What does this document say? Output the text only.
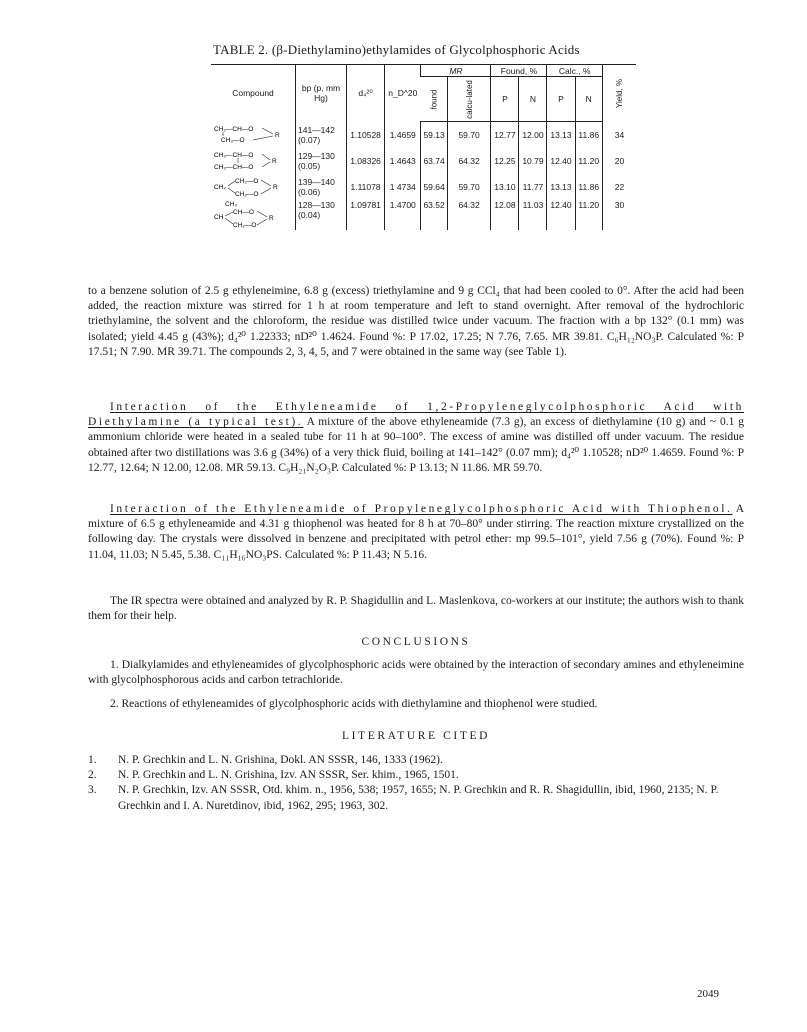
TABLE 2. (β-Diethylamino)ethylamides of Glycolphosphoric Acids
Compound	bp (p, mm Hg)	d₄²⁰	n_D^20	MR		Found, %		Calc., %		Yield, %
				found	calcu-lated	P	N	P	N	

CH₂—CH—O
CH₃—O
R	141—142
(0.07)	1.10528	1.4659	59.13	59.70	12.77	12.00	13.13	11.86	34

CH₃—CH—O
CH₃—CH—O
R	129—130
(0.05)	1.08326	1.4643	63.74	64.32	12.25	10.79	12.40	11.20	20

CH₂
CH₂—O
CH₂—O
R	139—140
(0.06)	1.11078	1 4734	59.64	59.70	13.10	11.77	13.13	11.86	22

CH₃
CH
CH—O
CH₂—O
R	128—130
(0.04)	1.09781	1.4700	63.52	64.32	12.08	11.03	12.40	11.20	30

to a benzene solution of 2.5 g ethyleneimine, 6.8 g (excess) triethylamine and 9 g CCl₄ that had been cooled to 0°. After the acid had been added, the reaction mixture was stirred for 1 h at room temperature and left to stand overnight. After removal of the hydrochloric triethylamine, the solvent and the chloroform, the residue was distilled twice under vacuum. The fraction with a bp 132° (0.1 mm) was isolated; yield 4.45 g (43%); d₄²⁰ 1.22333; nD²⁰ 1.4624. Found %: P 17.02, 17.25; N 7.76, 7.65. MR 39.81. C₆H₁₂NO₃P. Calculated %: P 17.51; N 7.90. MR 39.71. The compounds 2, 3, 4, 5, and 7 were obtained in the same way (see Table 1).

Interaction of the Ethyleneamide of 1,2-Propyleneglycolphosphoric Acid with Diethylamine (a typical test). A mixture of the above ethyleneamide (7.3 g), an excess of diethylamine (10 g) and ~ 0.1 g ammonium chloride were heated in a sealed tube for 11 h at 90–100°. The excess of amine was distilled off under vacuum. The residue obtained after two distillations was 3.6 g (34%) of a very thick fluid, boiling at 141–142° (0.07 mm); d₄²⁰ 1.10528; nD²⁰ 1.4659. Found %: P 12.77, 12.64; N 12.00, 12.08. MR 59.13. C₉H₂₁N₂O₃P. Calculated %: P 13.13; N 11.86. MR 59.70.

Interaction of the Ethyleneamide of Propyleneglycolphosphoric Acid with Thiophenol. A mixture of 6.5 g ethyleneamide and 4.31 g thiophenol was heated for 8 h at 70–80° under stirring. The reaction mixture crystallized on the following day. The crystals were dissolved in benzene and precipitated with petrol ether: mp 99.5–101°, yield 7.56 g (70%). Found %: P 11.04, 11.03; N 5.45, 5.38. C₁₁H₁₆NO₃PS. Calculated %: P 11.43; N 5.16.

The IR spectra were obtained and analyzed by R. P. Shagidullin and L. Maslenkova, co-workers at our institute; the authors wish to thank them for their help.

CONCLUSIONS

1. Dialkylamides and ethyleneamides of glycolphosphoric acids were obtained by the interaction of secondary amines and ethyleneimine with glycolphosphorous acids and carbon tetrachloride.

2. Reactions of ethyleneamides of glycolphosphoric acids with diethylamine and thiophenol were studied.

LITERATURE CITED
1. N. P. Grechkin and L. N. Grishina, Dokl. AN SSSR, 146, 1333 (1962).
2. N. P. Grechkin and L. N. Grishina, Izv. AN SSSR, Ser. khim., 1965, 1501.
3. N. P. Grechkin, Izv. AN SSSR, Otd. khim. n., 1956, 538; 1957, 1655; N. P. Grechkin and R. R. Shagidullin, ibid, 1960, 2135; N. P. Grechkin and I. A. Nuretdinov, ibid, 1962, 295; 1963, 302.
2049
